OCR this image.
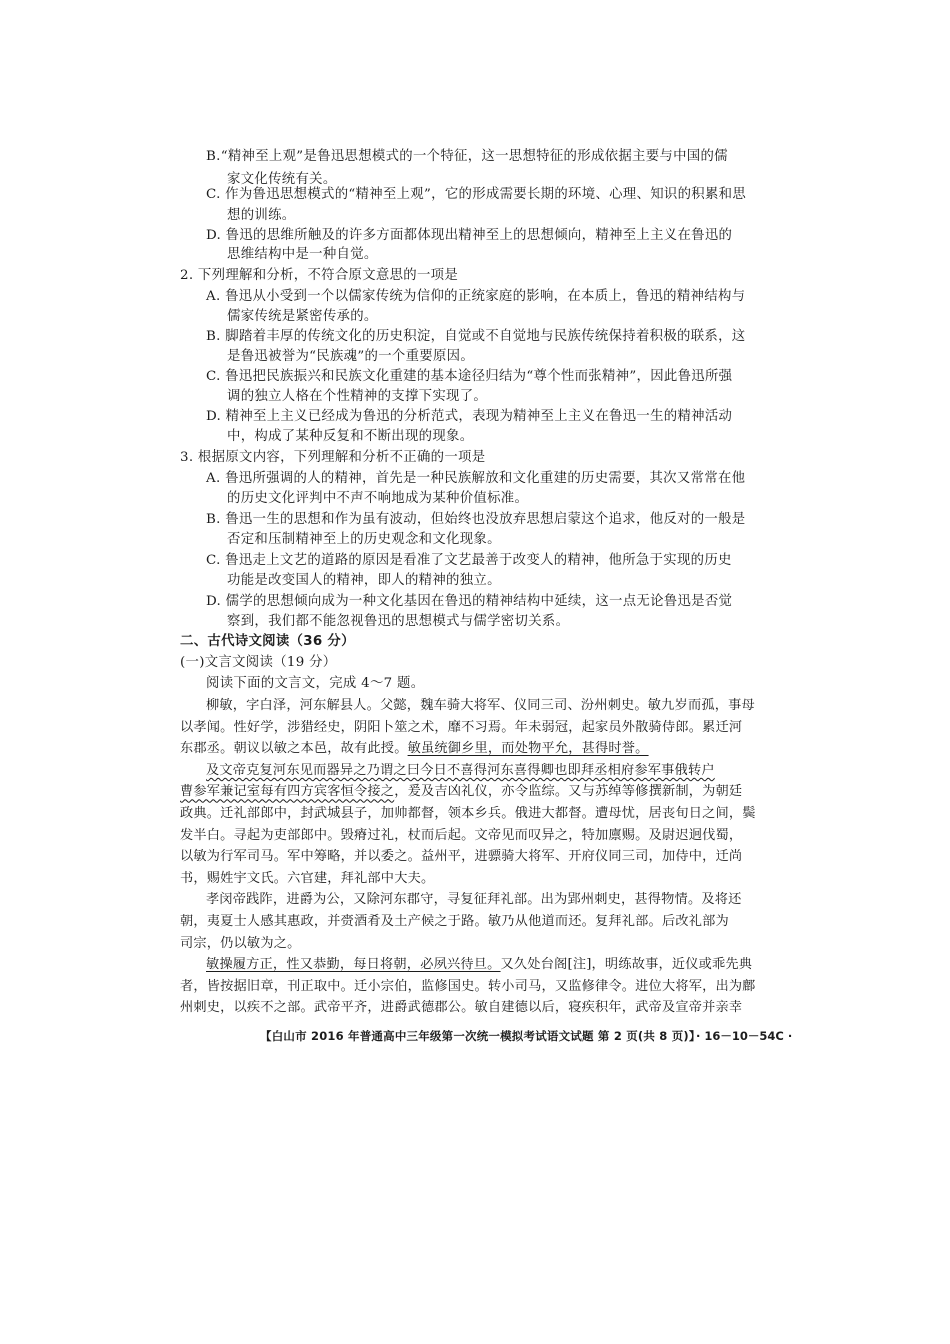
B.“精神至上观”是鲁迅思想模式的一个特征，这一思想特征的形成依据主要与中国的儒
家文化传统有关。
C. 作为鲁迅思想模式的“精神至上观”，它的形成需要长期的环境、心理、知识的积累和思
想的训练。
D. 鲁迅的思维所触及的许多方面都体现出精神至上的思想倾向，精神至上主义在鲁迅的
思维结构中是一种自觉。
2. 下列理解和分析，不符合原文意思的一项是
A. 鲁迅从小受到一个以儒家传统为信仰的正统家庭的影响，在本质上，鲁迅的精神结构与
儒家传统是紧密传承的。
B. 脚踏着丰厚的传统文化的历史积淀，自觉或不自觉地与民族传统保持着积极的联系，这
是鲁迅被誉为“民族魂”的一个重要原因。
C. 鲁迅把民族振兴和民族文化重建的基本途径归结为“尊个性而张精神”，因此鲁迅所强
调的独立人格在个性精神的支撑下实现了。
D. 精神至上主义已经成为鲁迅的分析范式，表现为精神至上主义在鲁迅一生的精神活动
中，构成了某种反复和不断出现的现象。
3. 根据原文内容，下列理解和分析不正确的一项是
A. 鲁迅所强调的人的精神，首先是一种民族解放和文化重建的历史需要，其次又常常在他
的历史文化评判中不声不响地成为某种价值标准。
B. 鲁迅一生的思想和作为虽有波动，但始终也没放弃思想启蒙这个追求，他反对的一般是
否定和压制精神至上的历史观念和文化现象。
C. 鲁迅走上文艺的道路的原因是看准了文艺最善于改变人的精神，他所急于实现的历史
功能是改变国人的精神，即人的精神的独立。
D. 儒学的思想倾向成为一种文化基因在鲁迅的精神结构中延续，这一点无论鲁迅是否觉
察到，我们都不能忽视鲁迅的思想模式与儒学密切关系。
二、古代诗文阅读（36 分）
(一)文言文阅读（19 分）
阅读下面的文言文，完成 4～7 题。
柳敏，字白泽，河东解县人。父懿，魏车骑大将军、仪同三司、汾州刺史。敏九岁而孤，事母
以孝闻。性好学，涉猎经史，阴阳卜筮之术，靡不习焉。年未弱冠，起家员外散骑侍郎。累迁河
东郡丞。朝议以敏之本邑，故有此授。敏虽统御乡里，而处物平允，甚得时誉。
及文帝克复河东见而器异之乃谓之曰今日不喜得河东喜得卿也即拜丞相府参军事俄转户
曹参军兼记室每有四方宾客恒令接之，爰及吉凶礼仪，亦令监综。又与苏绰等修撰新制，为朝廷
政典。迁礼部郎中，封武城县子，加帅都督，领本乡兵。俄进大都督。遭母忧，居丧旬日之间，鬓
发半白。寻起为吏部郎中。毁瘠过礼，杖而后起。文帝见而叹异之，特加廪赐。及尉迟迥伐蜀，
以敏为行军司马。军中筹略，并以委之。益州平，进骠骑大将军、开府仪同三司，加侍中，迁尚
书，赐姓宇文氏。六官建，拜礼部中大夫。
孝闵帝践阼，进爵为公，又除河东郡守，寻复征拜礼部。出为郢州刺史，甚得物情。及将还
朝，夷夏士人感其惠政，并赍酒肴及土产候之于路。敏乃从他道而还。复拜礼部。后改礼部为
司宗，仍以敏为之。
敏操履方正，性又恭勤，每日将朝，必夙兴待旦。又久处台阁[注]，明练故事，近仪或乖先典
者，皆按据旧章，刊正取中。迁小宗伯，监修国史。转小司马，又监修律令。进位大将军，出为鄜
州刺史，以疾不之部。武帝平齐，进爵武德郡公。敏自建德以后，寝疾积年，武帝及宣帝并亲幸
【白山市 2016 年普通高中三年级第一次统一模拟考试语文试题 第 2 页(共 8 页)】
· 16－10－54C ·
